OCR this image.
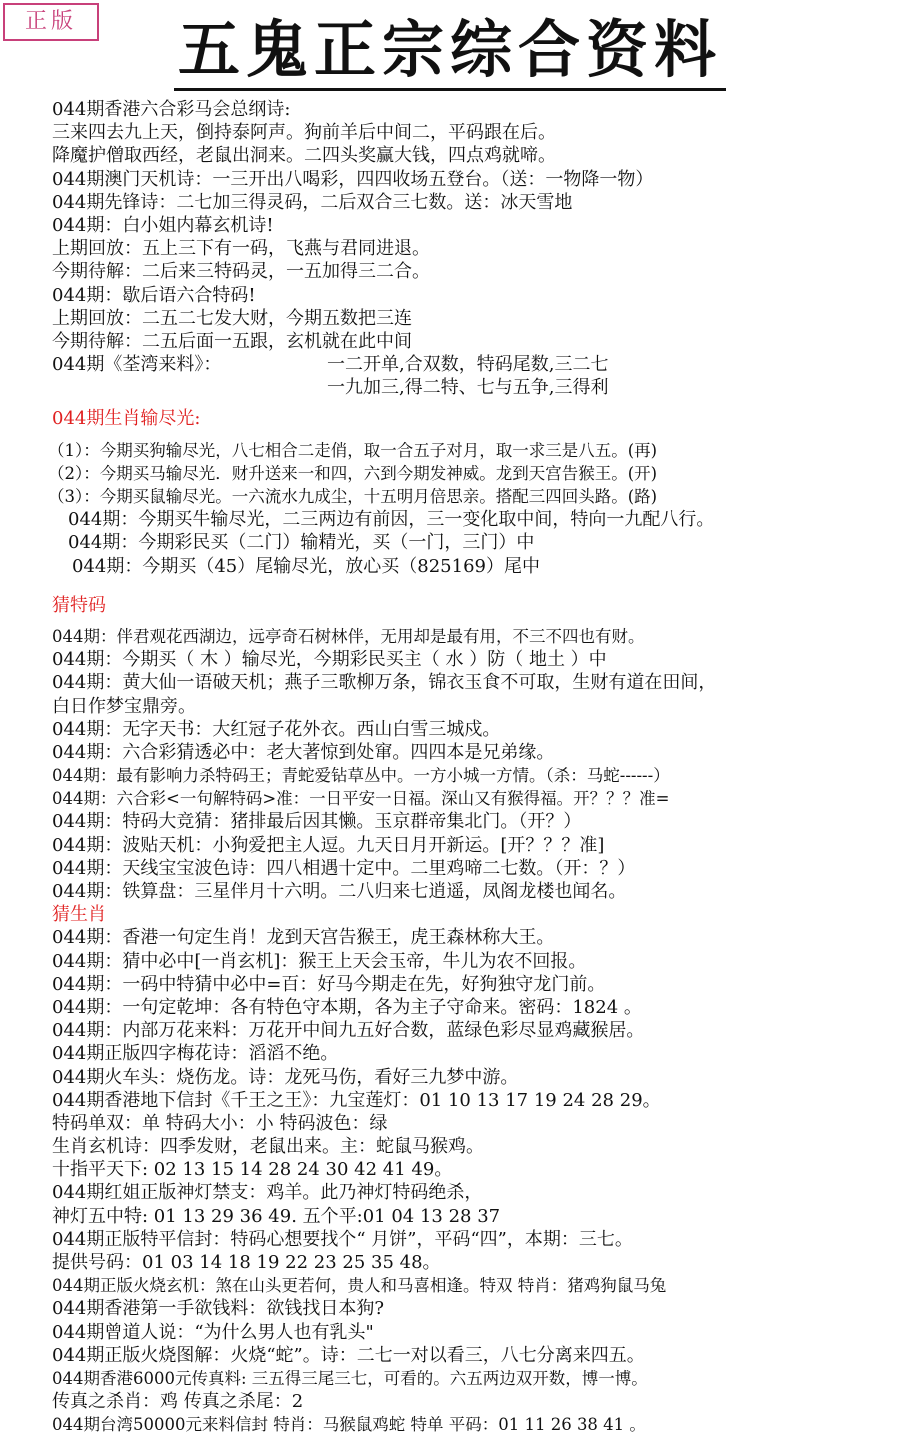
正版	五鬼正宗综合资料
044期香港六合彩马会总纲诗:
三来四去九上天，倒持泰阿声。狗前羊后中间二，平码跟在后。
降魔护僧取西经，老鼠出洞来。二四头奖赢大钱，四点鸡就啼。
044期澳门天机诗：一三开出八喝彩，四四收场五登台。（送：一物降一物）
044期先锋诗：二七加三得灵码，二后双合三七数。送：冰天雪地
044期：白小姐内幕玄机诗!
上期回放：五上三下有一码，飞燕与君同进退。
今期待解：二后来三特码灵，一五加得三二合。
044期：歇后语六合特码!
上期回放：二五二七发大财，今期五数把三连
今期待解：二五后面一五跟，玄机就在此中间
044期《荃湾来料》：	一二开单,合双数，特码尾数,三二七
一九加三,得二特、七与五争,三得利
044期生肖输尽光:
（1）：今期买狗输尽光，八七相合二走俏，取一合五子对月，取一求三是八五。(再)
（2）：今期买马输尽光．财升送来一和四，六到今期发神威。龙到天宫告猴王。(开)
（3）：今期买鼠输尽光。一六流水九成尘，十五明月倍思亲。搭配三四回头路。(路)
044期：今期买牛输尽光，二三两边有前因，三一变化取中间，特向一九配八行。
044期：今期彩民买（二门）输精光，买（一门，三门）中
044期：今期买（45）尾输尽光，放心买（825169）尾中
猜特码
044期：伴君观花西湖边，远亭奇石树林伴，无用却是最有用，不三不四也有财。
044期：今期买（ 木 ）输尽光，今期彩民买主（ 水 ）防（ 地土 ）中
044期：黄大仙一语破天机；燕子三歌柳万条，锦衣玉食不可取，生财有道在田间，
白日作梦宝鼎旁。
044期：无字天书：大红冠子花外衣。西山白雪三城戍。
044期：六合彩猜透必中：老大著惊到处窜。四四本是兄弟缘。
044期：最有影响力杀特码王；青蛇爱钻草丛中。一方小城一方情。（杀：马蛇------）
044期：六合彩<一句解特码>准：一日平安一日福。深山又有猴得福。开？？？准=
044期：特码大竞猜：猪排最后因其懒。玉京群帝集北门。（开？）
044期：波贴天机：小狗爱把主人逗。九天日月开新运。[开？？？准]
044期：天线宝宝波色诗：四八相遇十定中。二里鸡啼二七数。（开：？）
044期：铁算盘：三星伴月十六明。二八归来七逍遥，凤阁龙楼也闻名。
猜生肖
044期：香港一句定生肖！龙到天宫告猴王，虎王森林称大王。
044期：猜中必中[一肖玄机]：猴王上天会玉帝，牛儿为农不回报。
044期：一码中特猜中必中=百：好马今期走在先，好狗独守龙门前。
044期：一句定乾坤：各有特色守本期，各为主子守命来。密码：1824 。
044期：内部万花来料：万花开中间九五好合数，蓝绿色彩尽显鸡藏猴居。
044期正版四字梅花诗：滔滔不绝。
044期火车头：烧伤龙。诗：龙死马伤，看好三九梦中游。
044期香港地下信封《千王之王》：九宝莲灯：01 10 13 17 19 24 28 29。
特码单双：单 特码大小：小 特码波色：绿
生肖玄机诗：四季发财，老鼠出来。主：蛇鼠马猴鸡。
十指平天下: 02 13 15 14 28 24 30 42 41 49。
044期红姐正版神灯禁支：鸡羊。此乃神灯特码绝杀，
神灯五中特: 01 13 29 36 49. 五个平:01 04 13 28 37
044期正版特平信封：特码心想要找个“ 月饼”，平码“四”，本期：三七。
提供号码：01 03 14 18 19 22 23 25 35 48。
044期正版火烧玄机：煞在山头更若何，贵人和马喜相逢。特双 特肖：猪鸡狗鼠马兔
044期香港第一手欲钱料：欲钱找日本狗?
044期曾道人说：“为什么男人也有乳头"
044期正版火烧图解：火烧“蛇”。诗：二七一对以看三，八七分离来四五。
044期香港6000元传真料: 三五得三尾三七，可看的。六五两边双开数，博一博。
传真之杀肖：鸡 传真之杀尾：2
044期台湾50000元来料信封 特肖：马猴鼠鸡蛇 特单 平码：01 11 26 38 41 。
